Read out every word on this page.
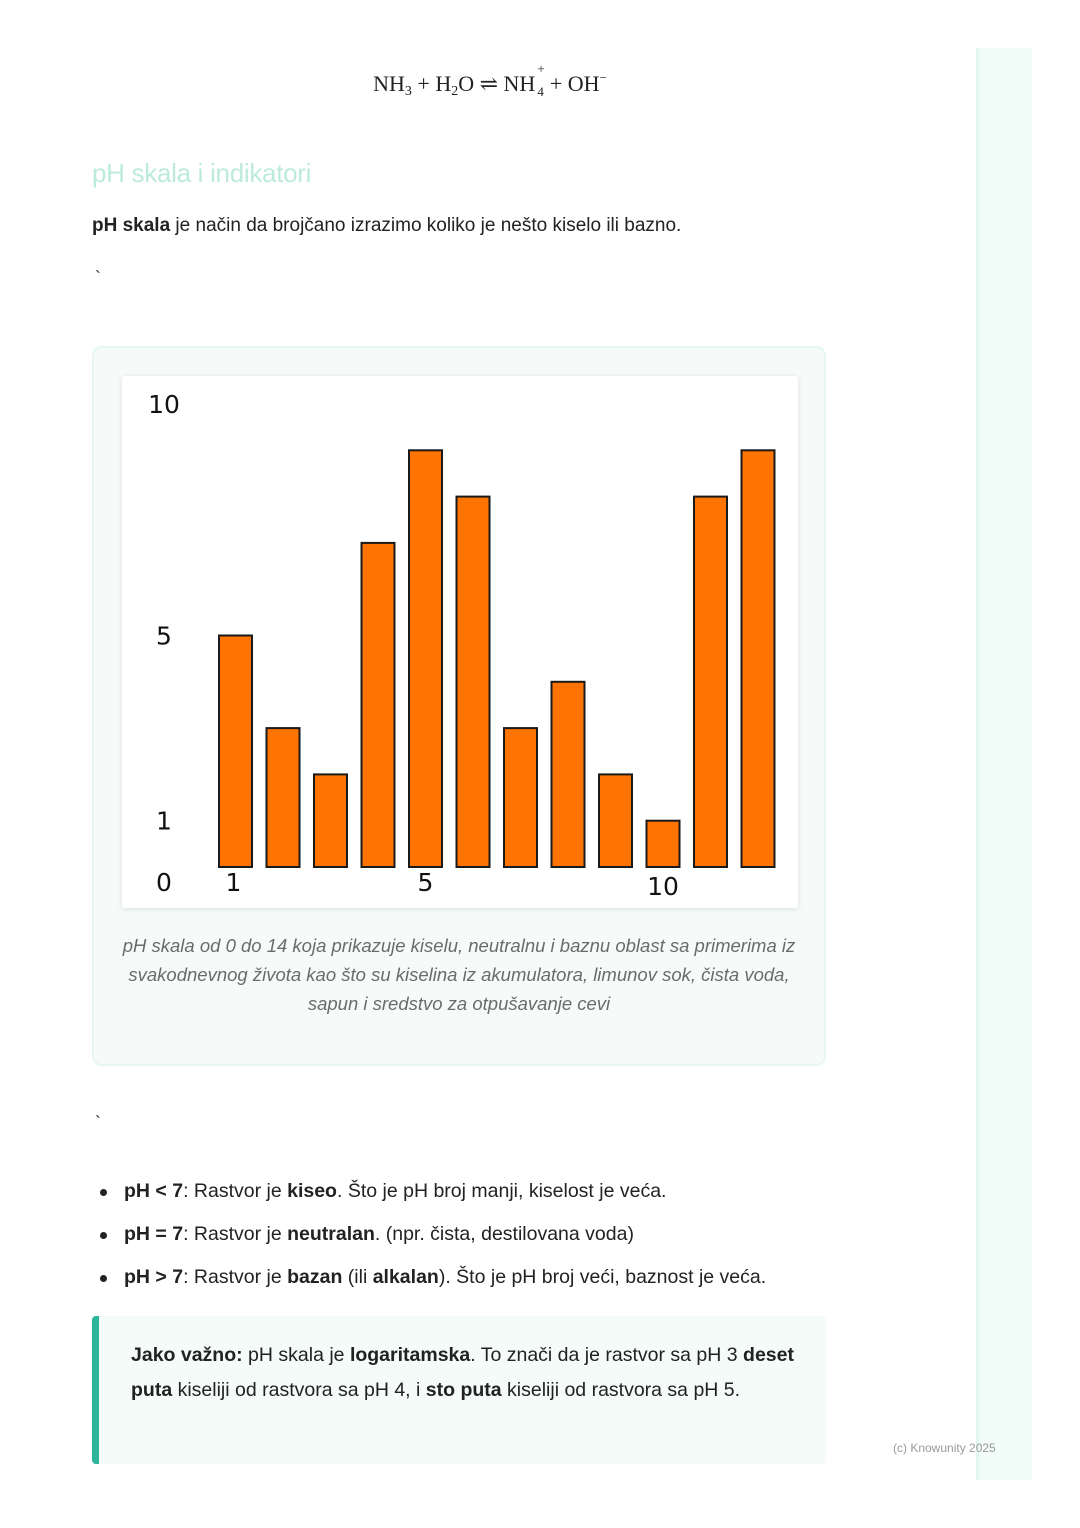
$NH_3 + H_2O$ ⇌ NH
+
4 + OH−
pH skala i indikatori
pH skala je način da brojčano izrazimo koliko je nešto kiselo ili bazno.
`
0
1
5
10
1	5	10
pH skala od 0 do 14 koja prikazuje kiselu, neutralnu i baznu oblast sa primerima iz svakodnevnog života kao što su kiselina iz akumulatora, limunov sok, čista voda, sapun i sredstvo za otpušavanje cevi
`
pH < 7: Rastvor je kiseo. Što je pH broj manji, kiselost je veća.
pH = 7: Rastvor je neutralan. (npr. čista, destilovana voda)
pH > 7: Rastvor je bazan (ili alkalan). Što je pH broj veći, baznost je veća.
Jako važno: pH skala je logaritamska. To znači da je rastvor sa pH 3 deset puta kiseliji od rastvora sa pH 4, i sto puta kiseliji od rastvora sa pH 5.
(c) Knowunity 2025
